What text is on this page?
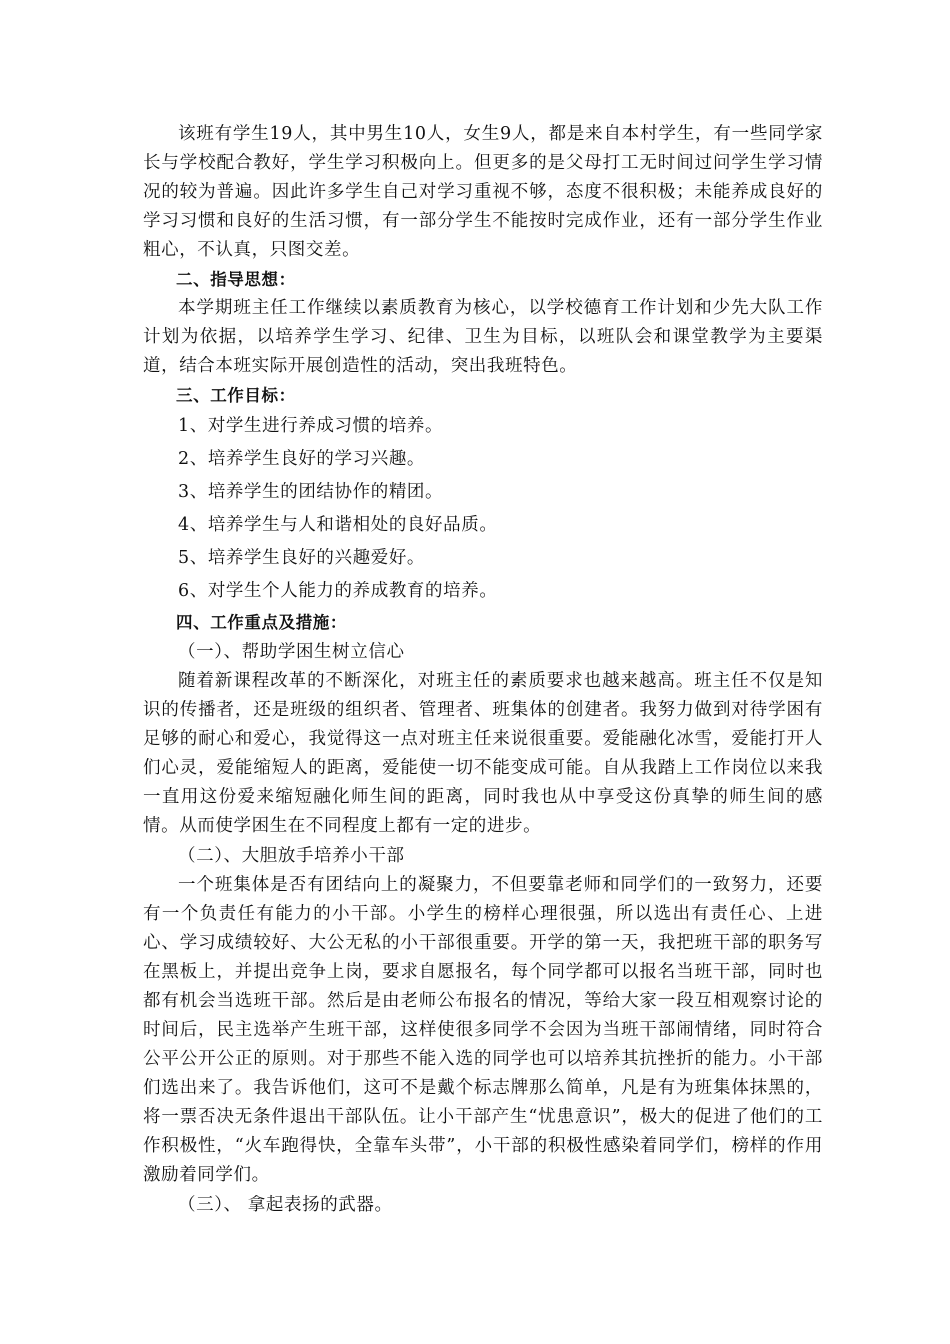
该班有学生19人，其中男生10人，女生9人，都是来自本村学生，有一些同学家长与学校配合教好，学生学习积极向上。但更多的是父母打工无时间过问学生学习情况的较为普遍。因此许多学生自己对学习重视不够，态度不很积极；未能养成良好的学习习惯和良好的生活习惯，有一部分学生不能按时完成作业，还有一部分学生作业粗心，不认真，只图交差。

二、指导思想：

本学期班主任工作继续以素质教育为核心，以学校德育工作计划和少先大队工作计划为依据，以培养学生学习、纪律、卫生为目标，以班队会和课堂教学为主要渠道，结合本班实际开展创造性的活动，突出我班特色。

三、工作目标：

1、对学生进行养成习惯的培养。
2、培养学生良好的学习兴趣。
3、培养学生的团结协作的精团。
4、培养学生与人和谐相处的良好品质。
5、培养学生良好的兴趣爱好。
6、对学生个人能力的养成教育的培养。

四、工作重点及措施：

（一）、帮助学困生树立信心

随着新课程改革的不断深化，对班主任的素质要求也越来越高。班主任不仅是知识的传播者，还是班级的组织者、管理者、班集体的创建者。我努力做到对待学困有足够的耐心和爱心，我觉得这一点对班主任来说很重要。爱能融化冰雪，爱能打开人们心灵，爱能缩短人的距离，爱能使一切不能变成可能。自从我踏上工作岗位以来我一直用这份爱来缩短融化师生间的距离，同时我也从中享受这份真挚的师生间的感情。从而使学困生在不同程度上都有一定的进步。

（二）、大胆放手培养小干部

一个班集体是否有团结向上的凝聚力，不但要靠老师和同学们的一致努力，还要有一个负责任有能力的小干部。小学生的榜样心理很强，所以选出有责任心、上进心、学习成绩较好、大公无私的小干部很重要。开学的第一天，我把班干部的职务写在黑板上，并提出竞争上岗，要求自愿报名，每个同学都可以报名当班干部，同时也都有机会当选班干部。然后是由老师公布报名的情况，等给大家一段互相观察讨论的时间后，民主选举产生班干部，这样使很多同学不会因为当班干部闹情绪，同时符合公平公开公正的原则。对于那些不能入选的同学也可以培养其抗挫折的能力。小干部们选出来了。我告诉他们，这可不是戴个标志牌那么简单，凡是有为班集体抹黑的，将一票否决无条件退出干部队伍。让小干部产生“忧患意识”，极大的促进了他们的工作积极性，“火车跑得快，全靠车头带”，小干部的积极性感染着同学们，榜样的作用激励着同学们。

（三）、 拿起表扬的武器。
